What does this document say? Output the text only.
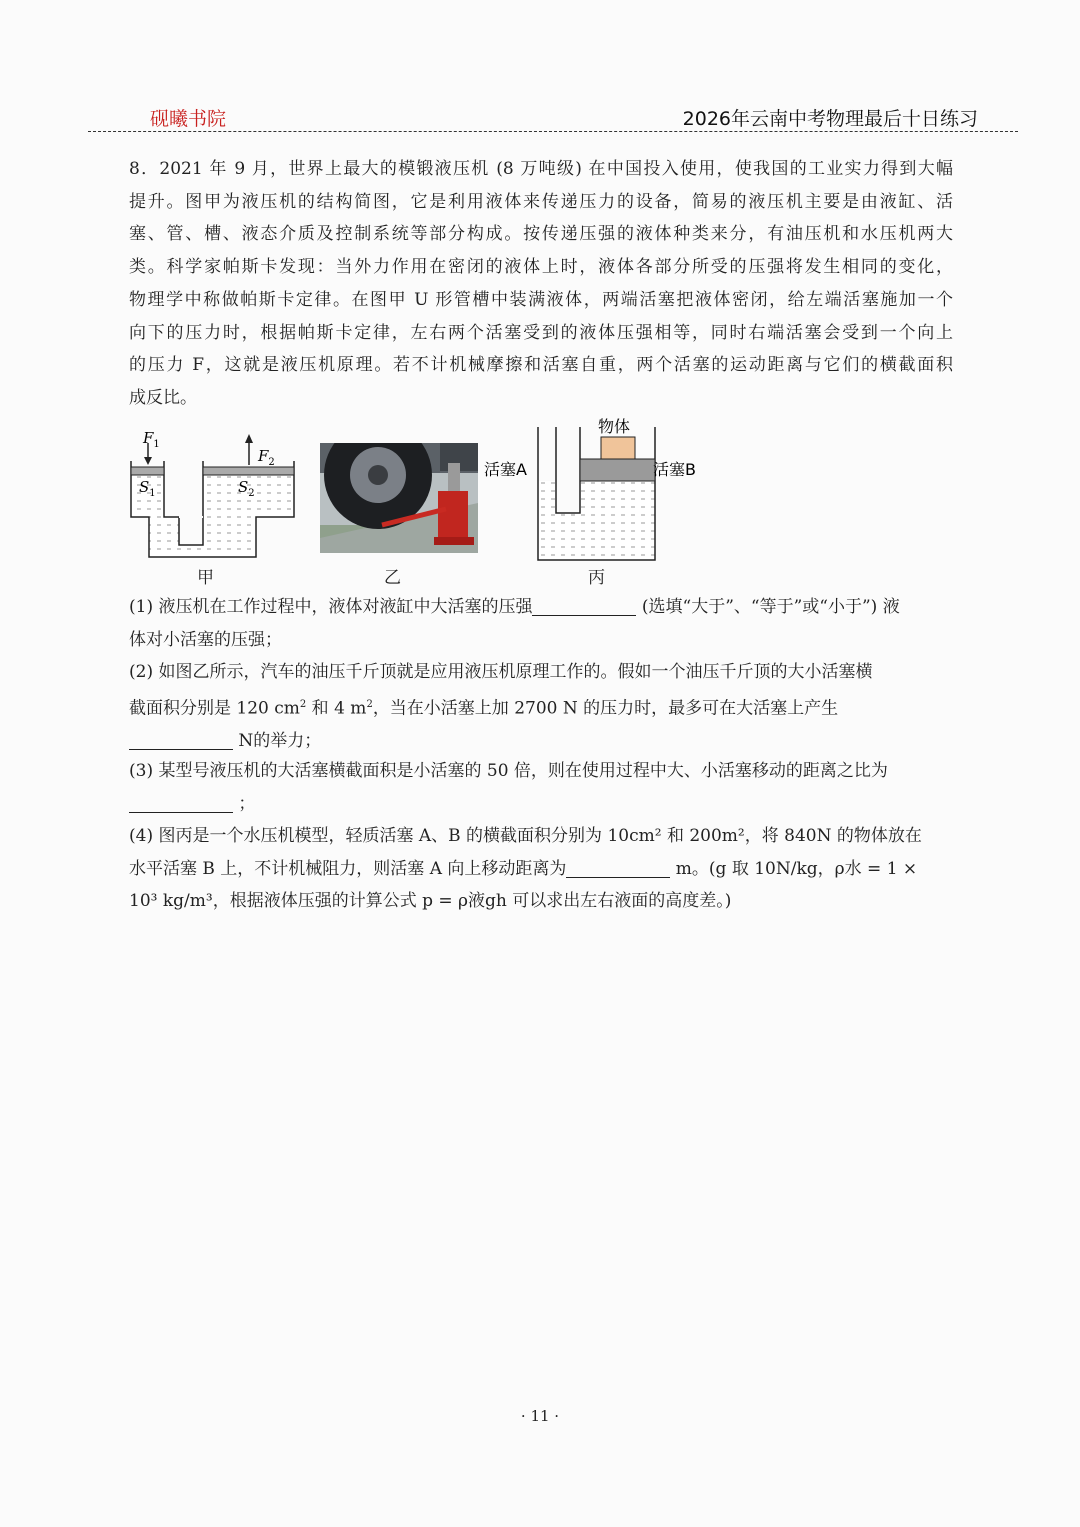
砚曦书院	2026年云南中考物理最后十日练习
8．2021 年 9 月，世界上最大的模锻液压机 (8 万吨级) 在中国投入使用，使我国的工业实力得到大幅
提升。图甲为液压机的结构简图，它是利用液体来传递压力的设备，简易的液压机主要是由液缸、活
塞、管、槽、液态介质及控制系统等部分构成。按传递压强的液体种类来分，有油压机和水压机两大
类。科学家帕斯卡发现：当外力作用在密闭的液体上时，液体各部分所受的压强将发生相同的变化，
物理学中称做帕斯卡定律。在图甲 U 形管槽中装满液体，两端活塞把液体密闭，给左端活塞施加一个
向下的压力时，根据帕斯卡定律，左右两个活塞受到的液体压强相等，同时右端活塞会受到一个向上
的压力 F，这就是液压机原理。若不计机械摩擦和活塞自重，两个活塞的运动距离与它们的横截面积
成反比。
$F_1$
$F_2$
$S_1$	$S_2$
甲	乙
物体
活塞A	活塞B
丙
(1) 液压机在工作过程中，液体对液缸中大活塞的压强	(选填“大于”、“等于”或“小于”) 液
体对小活塞的压强；
(2) 如图乙所示，汽车的油压千斤顶就是应用液压机原理工作的。假如一个油压千斤顶的大小活塞横
截面积分别是 120 $cm^2$ 和 4 $m^2$，当在小活塞上加 2700 N 的压力时，最多可在大活塞上产生
N的举力；
(3) 某型号液压机的大活塞横截面积是小活塞的 50 倍，则在使用过程中大、小活塞移动的距离之比为
；
(4) 图丙是一个水压机模型，轻质活塞 A、B 的横截面积分别为 10cm² 和 200m²，将 840N 的物体放在
水平活塞 B 上，不计机械阻力，则活塞 A 向上移动距离为	m。(g 取 10N/kg，ρ水 = 1 ×
10³ kg/m³，根据液体压强的计算公式 p = ρ液gh 可以求出左右液面的高度差。)
· 11 ·
